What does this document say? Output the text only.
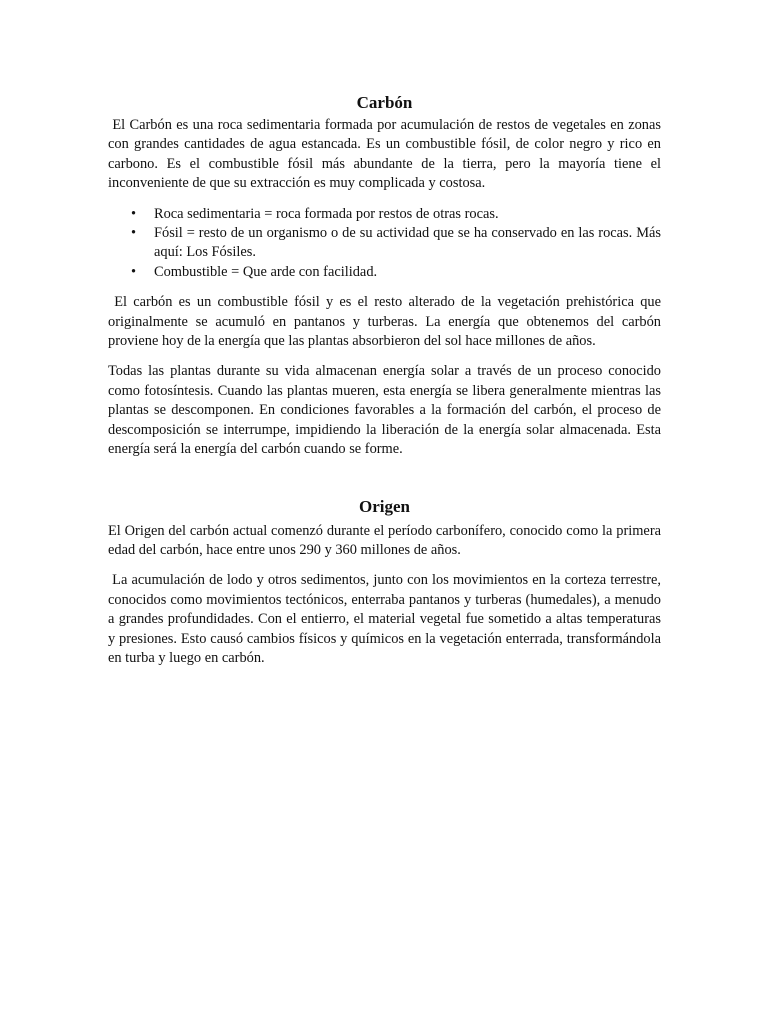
Carbón

El Carbón es una roca sedimentaria formada por acumulación de restos de vegetales en zonas con grandes cantidades de agua estancada. Es un combustible fósil, de color negro y rico en carbono. Es el combustible fósil más abundante de la tierra, pero la mayoría tiene el inconveniente de que su extracción es muy complicada y costosa.

• Roca sedimentaria = roca formada por restos de otras rocas.
• Fósil = resto de un organismo o de su actividad que se ha conservado en las rocas. Más aquí: Los Fósiles.
• Combustible = Que arde con facilidad.

El carbón es un combustible fósil y es el resto alterado de la vegetación prehistórica que originalmente se acumuló en pantanos y turberas. La energía que obtenemos del carbón proviene hoy de la energía que las plantas absorbieron del sol hace millones de años.

Todas las plantas durante su vida almacenan energía solar a través de un proceso conocido como fotosíntesis. Cuando las plantas mueren, esta energía se libera generalmente mientras las plantas se descomponen. En condiciones favorables a la formación del carbón, el proceso de descomposición se interrumpe, impidiendo la liberación de la energía solar almacenada. Esta energía será la energía del carbón cuando se forme.

Origen

El Origen del carbón actual comenzó durante el período carbonífero, conocido como la primera edad del carbón, hace entre unos 290 y 360 millones de años.

La acumulación de lodo y otros sedimentos, junto con los movimientos en la corteza terrestre, conocidos como movimientos tectónicos, enterraba pantanos y turberas (humedales), a menudo a grandes profundidades. Con el entierro, el material vegetal fue sometido a altas temperaturas y presiones. Esto causó cambios físicos y químicos en la vegetación enterrada, transformándola en turba y luego en carbón.
